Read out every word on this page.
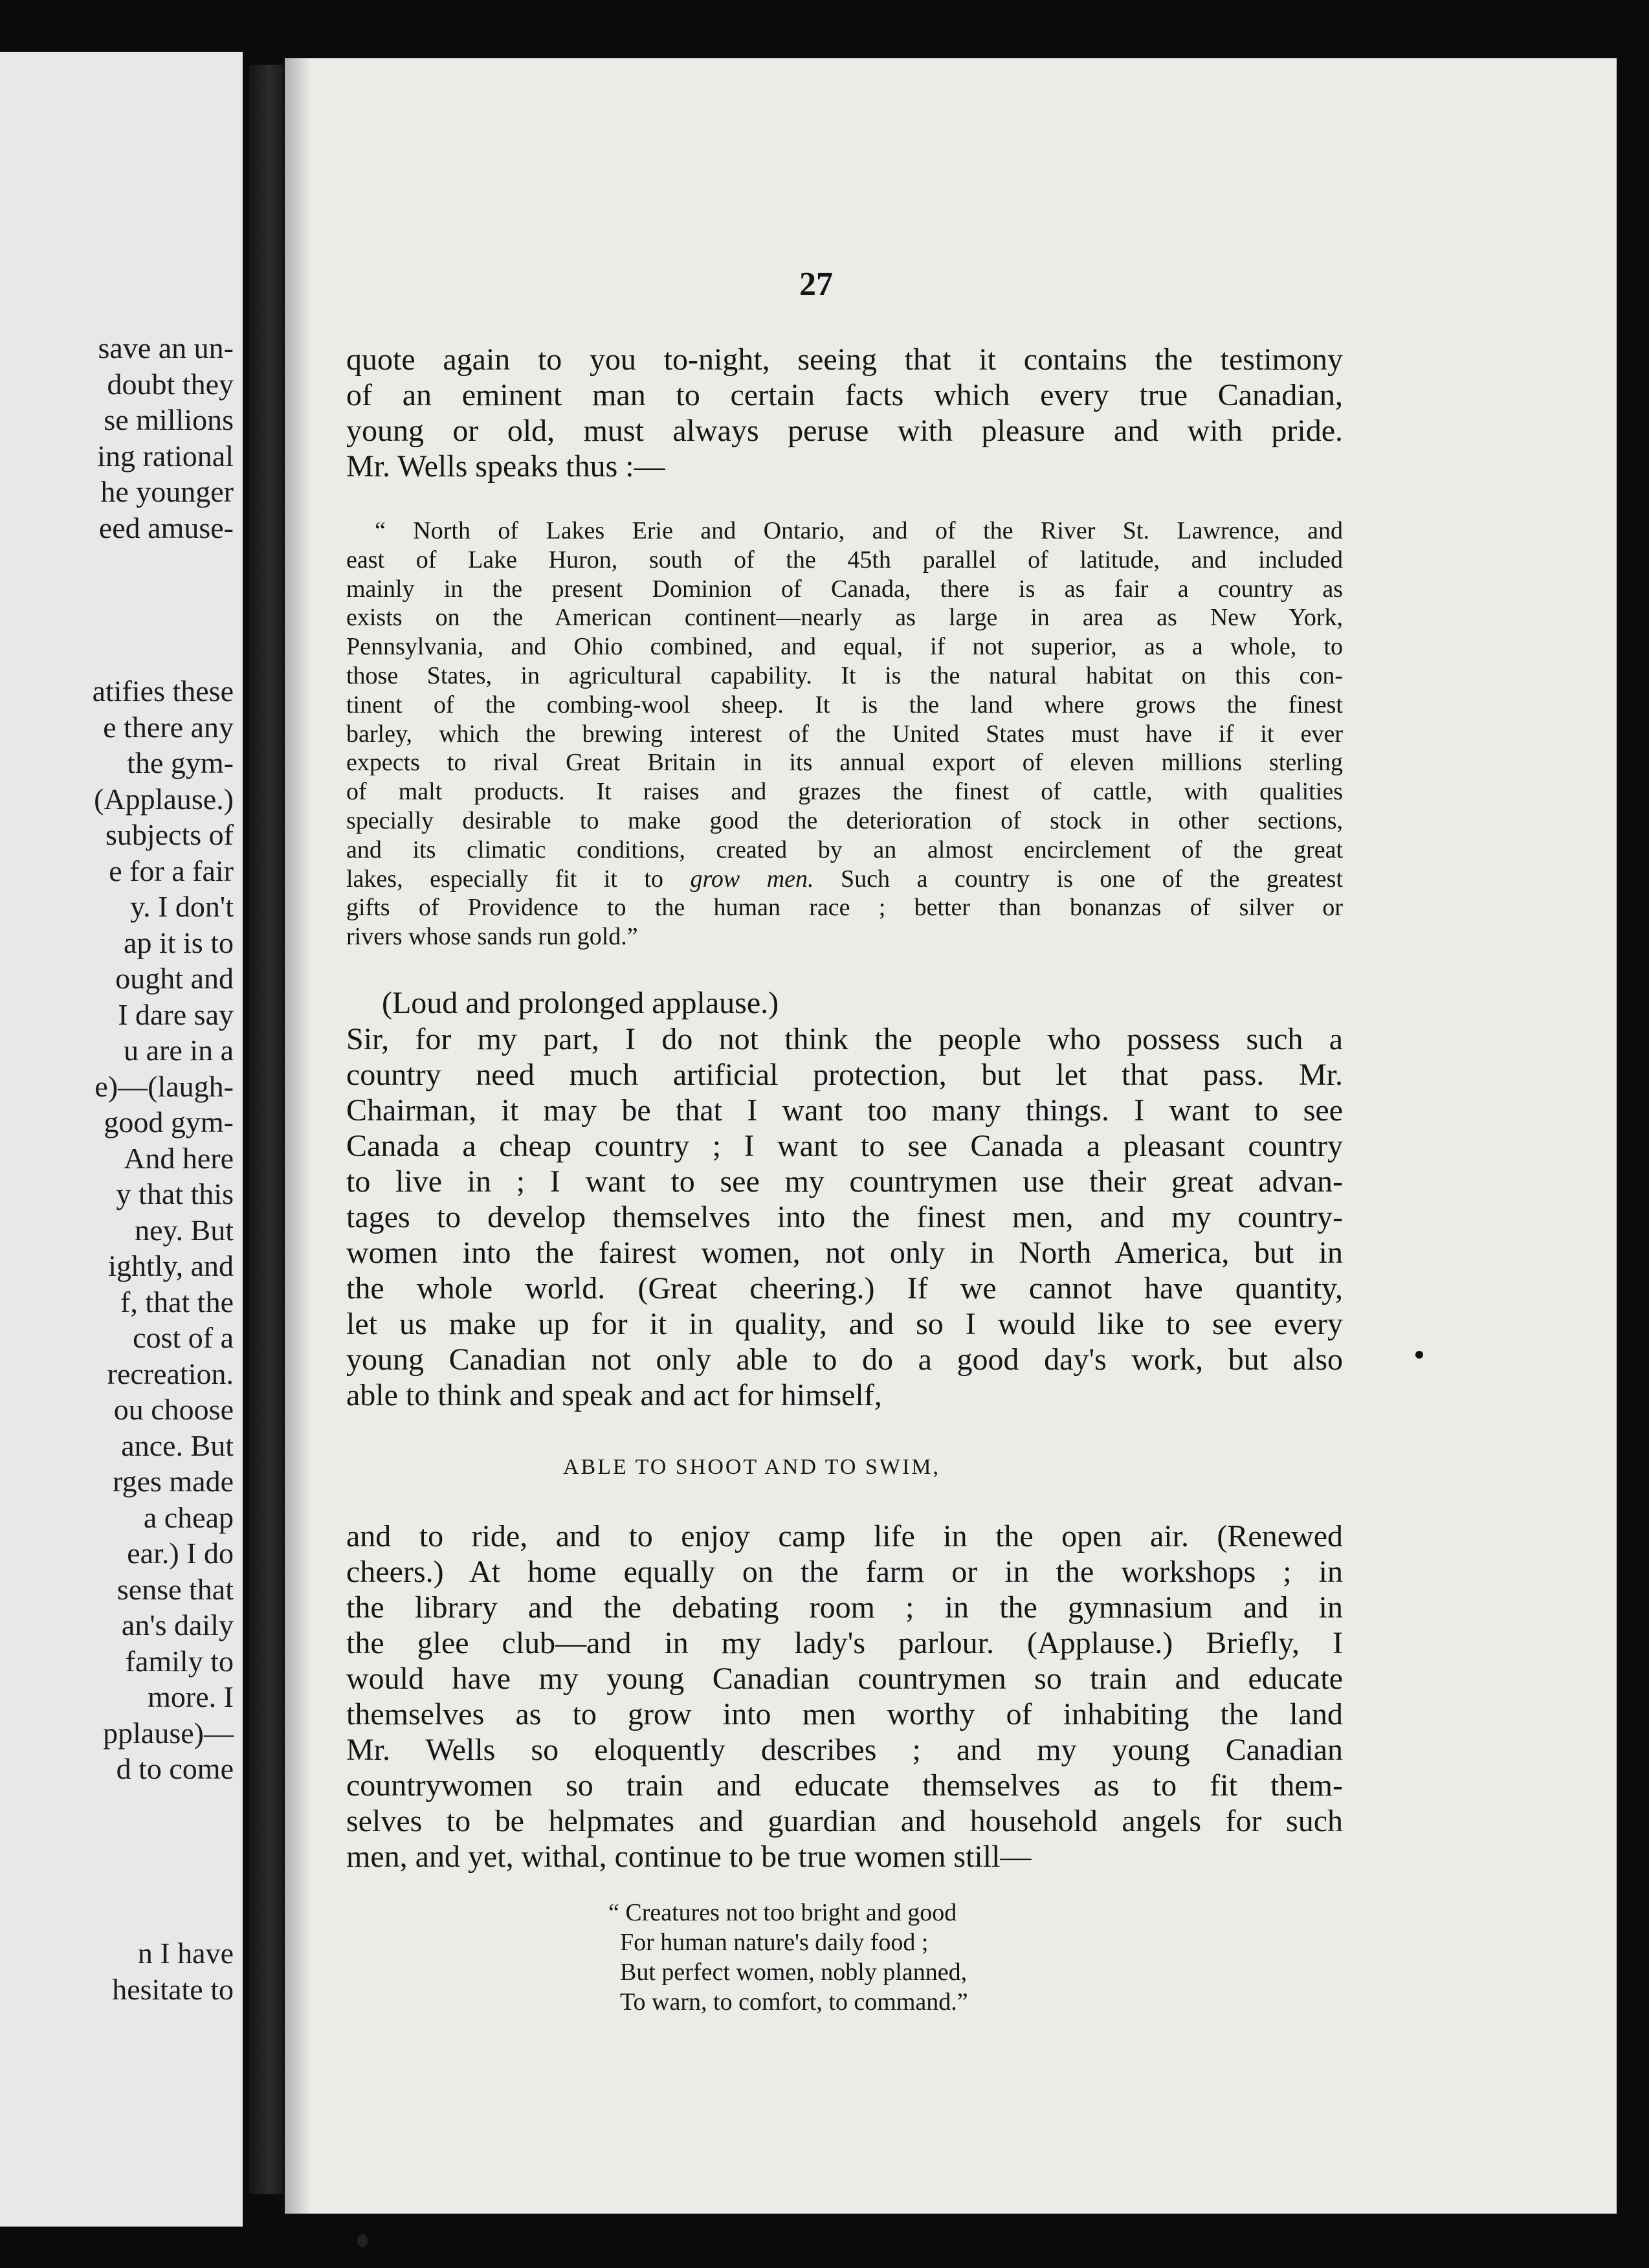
save an un-
doubt they
se millions
ing rational
he younger
eed amuse-
atifies these
e there any
the gym-
(Applause.)
subjects of
e for a fair
y. I don't
ap it is to
ought and
I dare say
u are in a
e)—(laugh-
good gym-
And here
y that this
ney. But
ightly, and
f, that the
cost of a
recreation.
ou choose
ance. But
rges made
a cheap
ear.) I do
sense that
an's daily
family to
more. I
pplause)—
d to come
n I have
hesitate to
27
quote again to you to-night, seeing that it contains the testimony
of an eminent man to certain facts which every true Canadian,
young or old, must always peruse with pleasure and with pride.
Mr. Wells speaks thus :—
“ North of Lakes Erie and Ontario, and of the River St. Lawrence, and
east of Lake Huron, south of the 45th parallel of latitude, and included
mainly in the present Dominion of Canada, there is as fair a country as
exists on the American continent—nearly as large in area as New York,
Pennsylvania, and Ohio combined, and equal, if not superior, as a whole, to
those States, in agricultural capability. It is the natural habitat on this con-
tinent of the combing-wool sheep. It is the land where grows the finest
barley, which the brewing interest of the United States must have if it ever
expects to rival Great Britain in its annual export of eleven millions sterling
of malt products. It raises and grazes the finest of cattle, with qualities
specially desirable to make good the deterioration of stock in other sections,
and its climatic conditions, created by an almost encirclement of the great
lakes, especially fit it to grow men. Such a country is one of the greatest
gifts of Providence to the human race ; better than bonanzas of silver or
rivers whose sands run gold.”
(Loud and prolonged applause.)
Sir, for my part, I do not think the people who possess such a
country need much artificial protection, but let that pass. Mr.
Chairman, it may be that I want too many things. I want to see
Canada a cheap country ; I want to see Canada a pleasant country
to live in ; I want to see my countrymen use their great advan-
tages to develop themselves into the finest men, and my country-
women into the fairest women, not only in North America, but in
the whole world. (Great cheering.) If we cannot have quantity,
let us make up for it in quality, and so I would like to see every
young Canadian not only able to do a good day's work, but also
able to think and speak and act for himself,
ABLE TO SHOOT AND TO SWIM,
and to ride, and to enjoy camp life in the open air. (Renewed
cheers.) At home equally on the farm or in the workshops ; in
the library and the debating room ; in the gymnasium and in
the glee club—and in my lady's parlour. (Applause.) Briefly, I
would have my young Canadian countrymen so train and educate
themselves as to grow into men worthy of inhabiting the land
Mr. Wells so eloquently describes ; and my young Canadian
countrywomen so train and educate themselves as to fit them-
selves to be helpmates and guardian and household angels for such
men, and yet, withal, continue to be true women still—
“ Creatures not too bright and good
For human nature's daily food ;
But perfect women, nobly planned,
To warn, to comfort, to command.”
